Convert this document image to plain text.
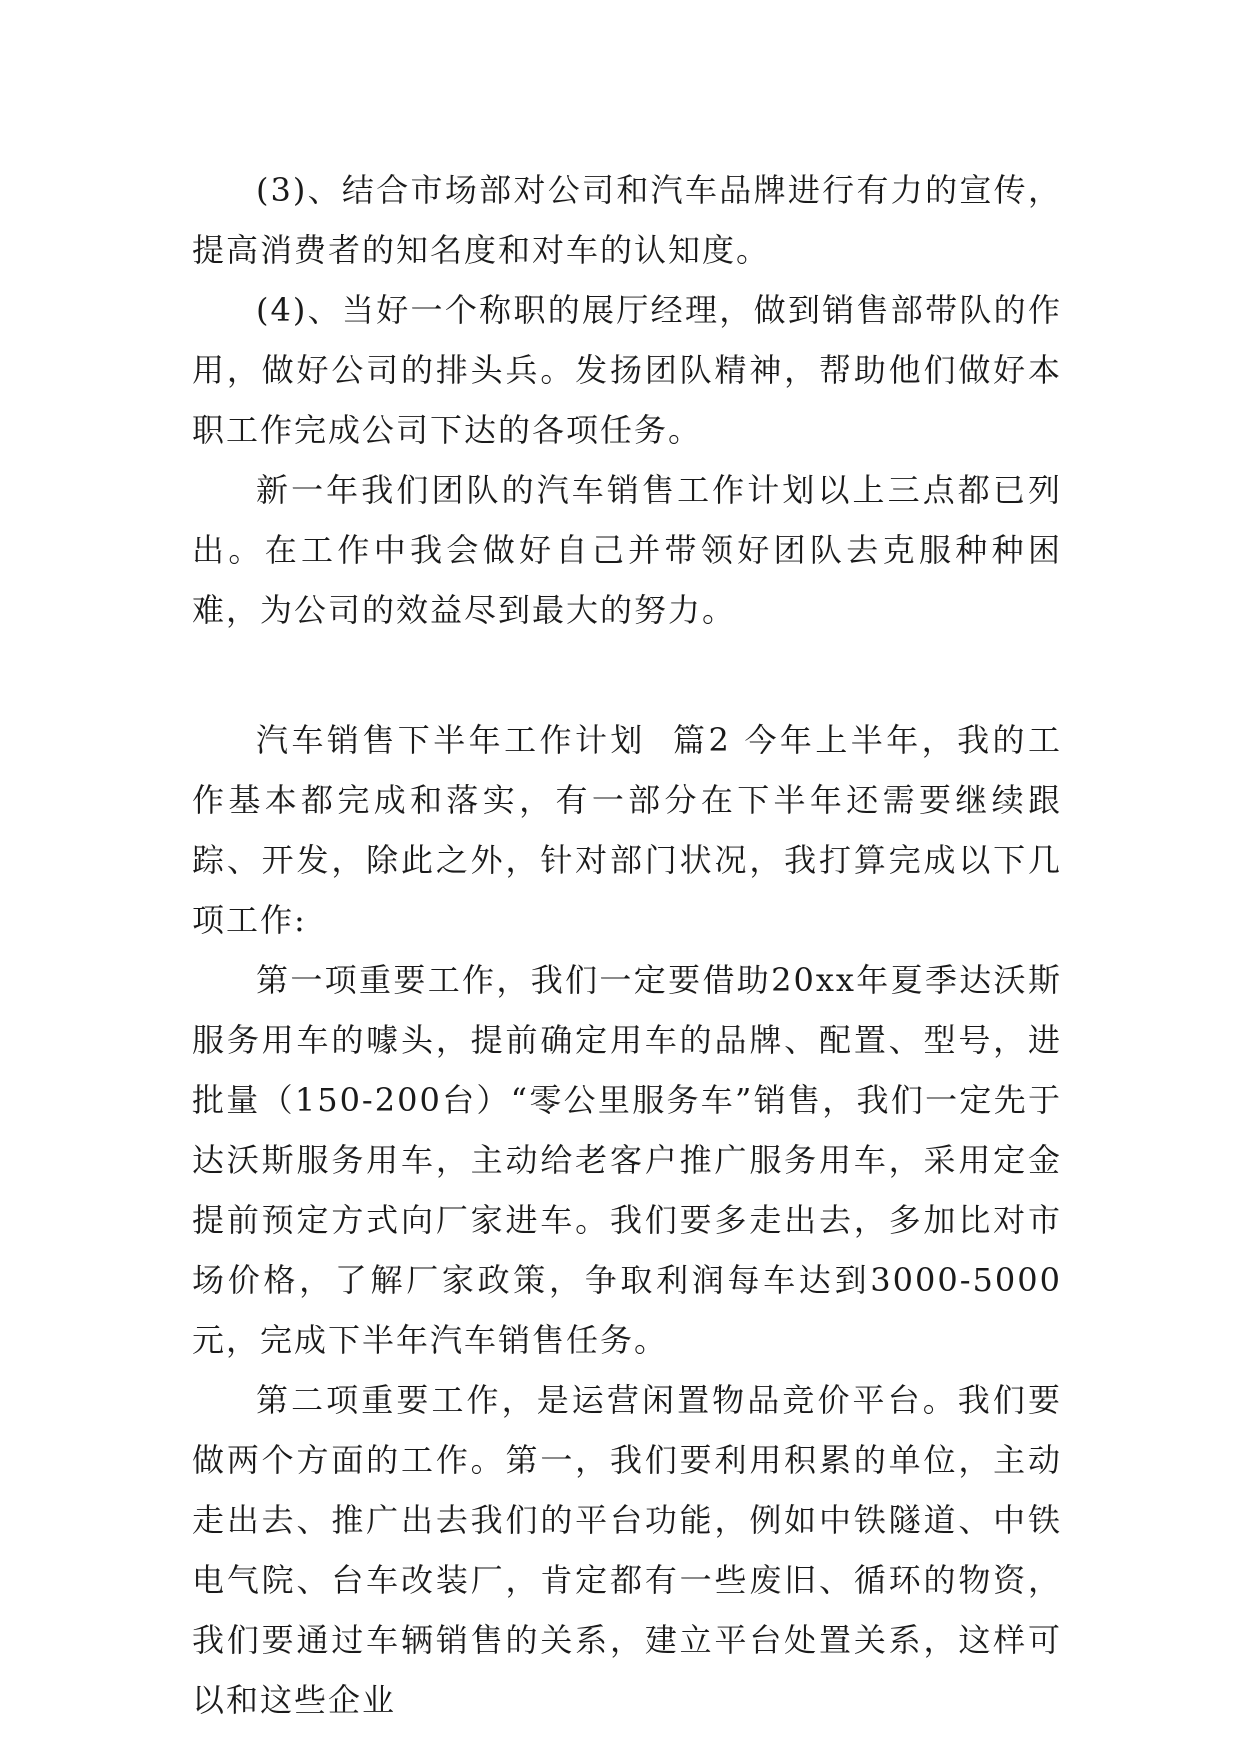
(3)、结合市场部对公司和汽车品牌进行有力的宣传，提高消费者的知名度和对车的认知度。

(4)、当好一个称职的展厅经理，做到销售部带队的作用，做好公司的排头兵。发扬团队精神，帮助他们做好本职工作完成公司下达的各项任务。

新一年我们团队的汽车销售工作计划以上三点都已列出。在工作中我会做好自己并带领好团队去克服种种困难，为公司的效益尽到最大的努力。

汽车销售下半年工作计划  篇2 今年上半年，我的工作基本都完成和落实，有一部分在下半年还需要继续跟踪、开发，除此之外，针对部门状况，我打算完成以下几项工作:

第一项重要工作，我们一定要借助20xx年夏季达沃斯服务用车的噱头，提前确定用车的品牌、配置、型号，进批量（150-200台）“零公里服务车”销售，我们一定先于达沃斯服务用车，主动给老客户推广服务用车，采用定金提前预定方式向厂家进车。我们要多走出去，多加比对市场价格，了解厂家政策，争取利润每车达到3000-5000元，完成下半年汽车销售任务。

第二项重要工作，是运营闲置物品竞价平台。我们要做两个方面的工作。第一，我们要利用积累的单位，主动走出去、推广出去我们的平台功能，例如中铁隧道、中铁电气院、台车改装厂，肯定都有一些废旧、循环的物资，我们要通过车辆销售的关系，建立平台处置关系，这样可以和这些企业
